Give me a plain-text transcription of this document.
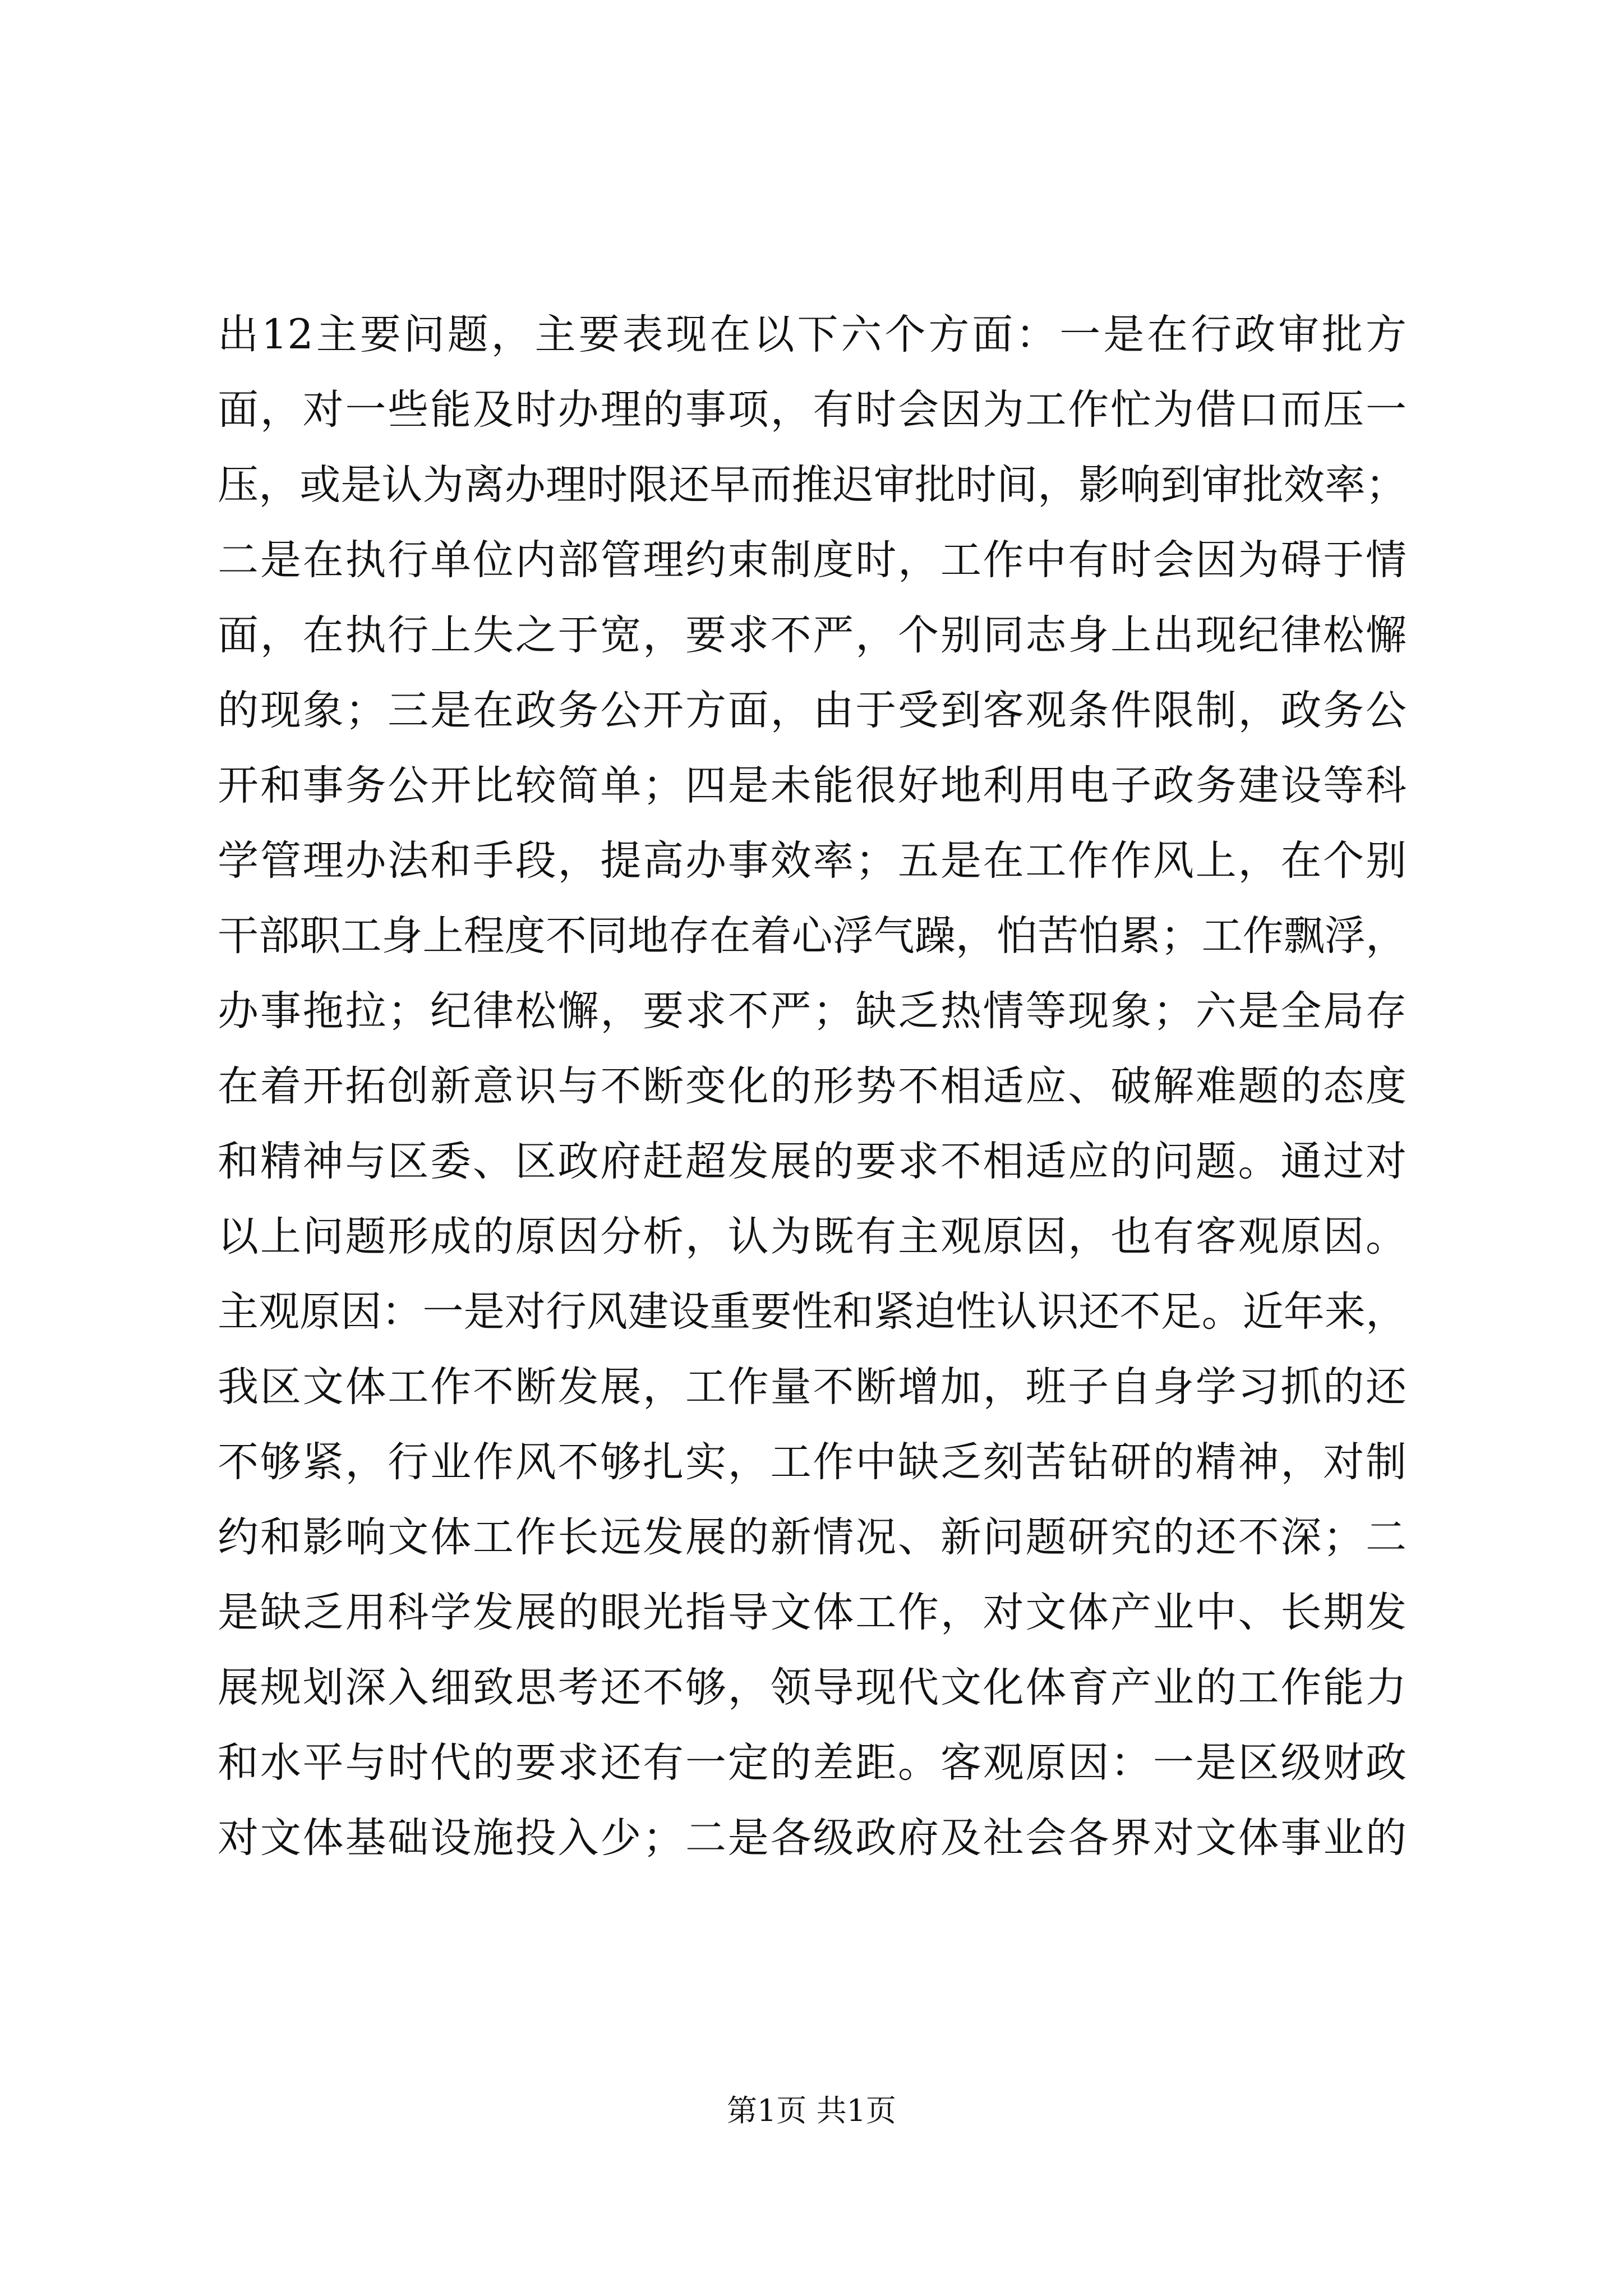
出12主要问题，主要表现在以下六个方面：一是在行政审批方
面，对一些能及时办理的事项，有时会因为工作忙为借口而压一
压，或是认为离办理时限还早而推迟审批时间，影响到审批效率；
二是在执行单位内部管理约束制度时，工作中有时会因为碍于情
面，在执行上失之于宽，要求不严，个别同志身上出现纪律松懈
的现象；三是在政务公开方面，由于受到客观条件限制，政务公
开和事务公开比较简单；四是未能很好地利用电子政务建设等科
学管理办法和手段，提高办事效率；五是在工作作风上，在个别
干部职工身上程度不同地存在着心浮气躁，怕苦怕累；工作飘浮，
办事拖拉；纪律松懈，要求不严；缺乏热情等现象；六是全局存
在着开拓创新意识与不断变化的形势不相适应、破解难题的态度
和精神与区委、区政府赶超发展的要求不相适应的问题。通过对
以上问题形成的原因分析，认为既有主观原因，也有客观原因。
主观原因：一是对行风建设重要性和紧迫性认识还不足。近年来，
我区文体工作不断发展，工作量不断增加，班子自身学习抓的还
不够紧，行业作风不够扎实，工作中缺乏刻苦钻研的精神，对制
约和影响文体工作长远发展的新情况、新问题研究的还不深；二
是缺乏用科学发展的眼光指导文体工作，对文体产业中、长期发
展规划深入细致思考还不够，领导现代文化体育产业的工作能力
和水平与时代的要求还有一定的差距。客观原因：一是区级财政
对文体基础设施投入少；二是各级政府及社会各界对文体事业的
第1页 共1页
